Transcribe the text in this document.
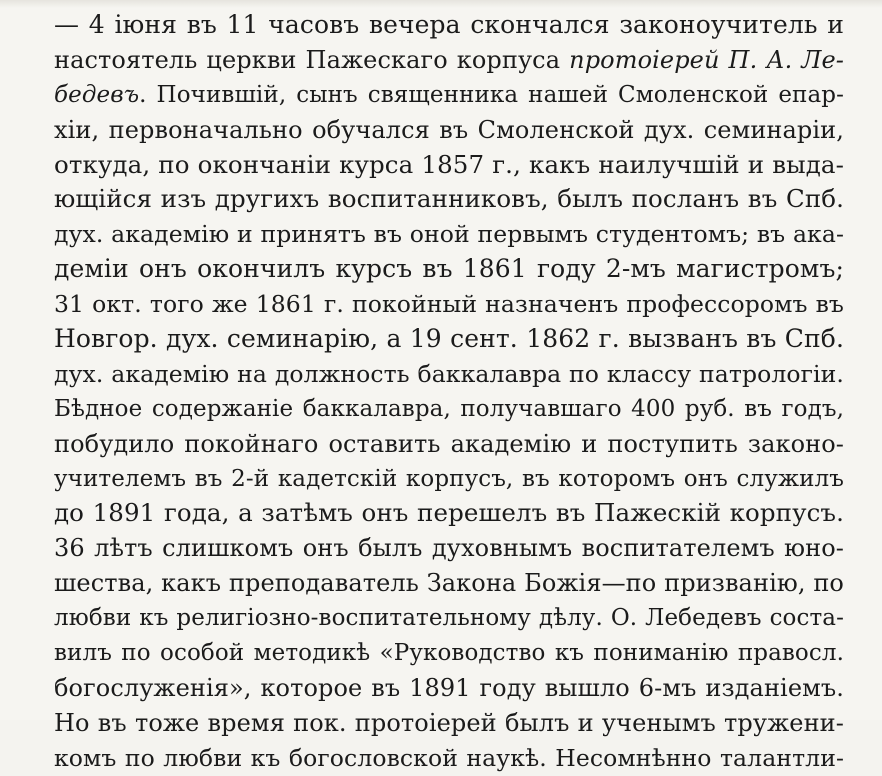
— 4 іюня въ 11 часовъ вечера скончался законоучитель и
настоятель церкви Пажескаго корпуса протоіерей П. А. Ле-
бедевъ. Почившій, сынъ священника нашей Смоленской епар-
хіи, первоначально обучался въ Смоленской дух. семинаріи,
откуда, по окончаніи курса 1857 г., какъ наилучшій и выда-
ющійся изъ другихъ воспитанниковъ, былъ посланъ въ Спб.
дух. академію и принятъ въ оной первымъ студентомъ; въ ака-
деміи онъ окончилъ курсъ въ 1861 году 2-мъ магистромъ;
31 окт. того же 1861 г. покойный назначенъ профессоромъ въ
Новгор. дух. семинарію, а 19 сент. 1862 г. вызванъ въ Спб.
дух. академію на должность баккалавра по классу патрологіи.
Бѣдное содержаніе баккалавра, получавшаго 400 руб. въ годъ,
побудило покойнаго оставить академію и поступить законо-
учителемъ въ 2-й кадетскій корпусъ, въ которомъ онъ служилъ
до 1891 года, а затѣмъ онъ перешелъ въ Пажескій корпусъ.
36 лѣтъ слишкомъ онъ былъ духовнымъ воспитателемъ юно-
шества, какъ преподаватель Закона Божія—по призванію, по
любви къ религіозно-воспитательному дѣлу. О. Лебедевъ соста-
вилъ по особой методикѣ «Руководство къ пониманію правосл.
богослуженія», которое въ 1891 году вышло 6-мъ изданіемъ.
Но въ тоже время пок. протоіерей былъ и ученымъ тружени-
комъ по любви къ богословской наукѣ. Несомнѣнно талантли-
